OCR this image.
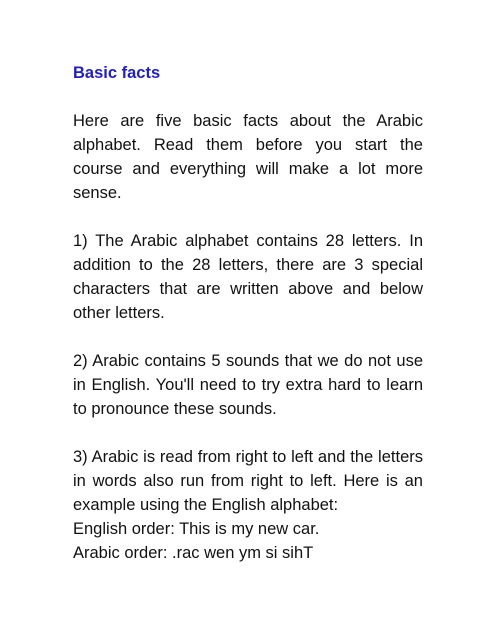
Basic facts

Here are five basic facts about the Arabic alphabet. Read them before you start the course and everything will make a lot more sense.

1) The Arabic alphabet contains 28 letters. In addition to the 28 letters, there are 3 special characters that are written above and below other letters.

2) Arabic contains 5 sounds that we do not use in English. You'll need to try extra hard to learn to pronounce these sounds.

3) Arabic is read from right to left and the letters in words also run from right to left. Here is an example using the English alphabet:
English order: This is my new car.
Arabic order: .rac wen ym si sihT
